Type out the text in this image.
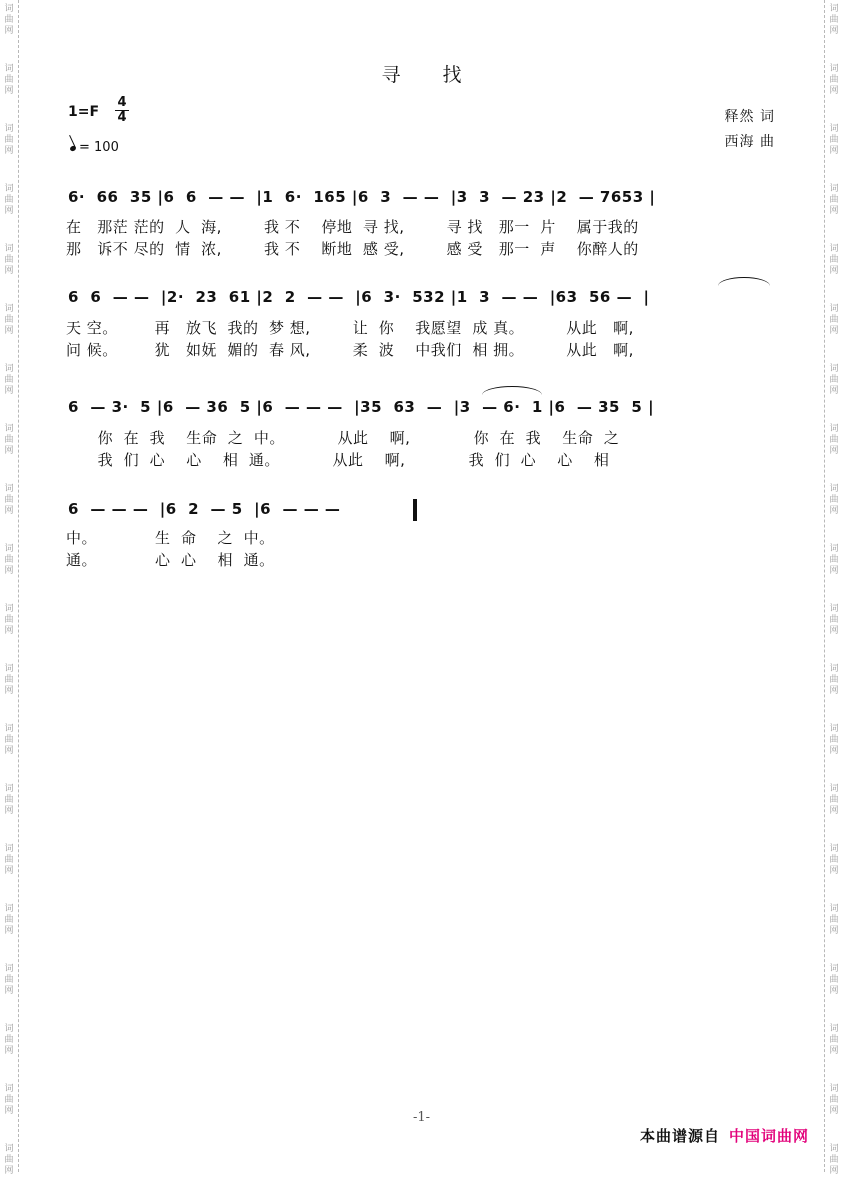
词
曲
网
词
曲
网
词
曲
网
词
曲
网
词
曲
网
词
曲
网
词
曲
网
词
曲
网
词
曲
网
词
曲
网
词
曲
网
词
曲
网
词
曲
网
词
曲
网
词
曲
网
词
曲
网
词
曲
网
词
曲
网
词
曲
网
词
曲
网
词
曲
网
词
曲
网
词
曲
网
词
曲
网
词
曲
网
词
曲
网
词
曲
网
词
曲
网
词
曲
网
词
曲
网
词
曲
网
词
曲
网
词
曲
网
词
曲
网
词
曲
网
词
曲
网
词
曲
网
词
曲
网
词
曲
网
词
曲
网
寻 找
1=F
4
4
= 100
释然 词
西海 曲
6·  66  35 |6  6  — —  |1  6·  165 |6  3  — —  |3  3  — 23 |2  — 7653 |
在   那茫 茫的  人  海,        我 不    停地  寻 找,        寻 找   那一  片    属于我的
那   诉不 尽的  情  浓,        我 不    断地  感 受,        感 受   那一  声    你醉人的
6  6  — —  |2·  23  61 |2  2  — —  |6  3·  532 |1  3  — —  |63  56 —  |
天 空。       再   放飞  我的  梦 想,        让  你    我愿望  成 真。        从此   啊,
问 候。       犹   如妩  媚的  春 风,        柔  波    中我们  相 拥。        从此   啊,
6  — 3·  5 |6  — 36  5 |6  — — —  |35  63  —  |3  — 6·  1 |6  — 35  5 |
你  在  我    生命  之  中。          从此    啊,            你  在  我    生命  之
我  们  心    心    相  通。          从此    啊,            我  们  心    心    相
6  — — —  |6  2  — 5  |6  — — —
中。           生  命    之  中。
通。           心  心    相  通。
-1-
本曲谱源自 中国词曲网
